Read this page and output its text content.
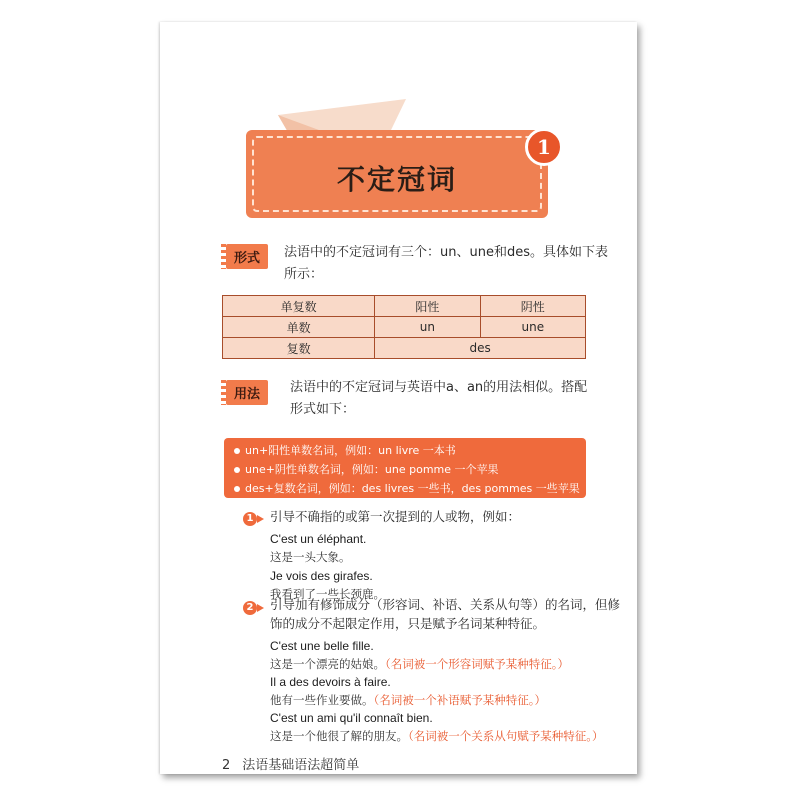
不定冠词
1
形式	法语中的不定冠词有三个：un、une和des。具体如下表
所示：
单复数	阳性	阴性
单数	un	une
复数	des	
用法	法语中的不定冠词与英语中a、an的用法相似。搭配
形式如下：
un+阳性单数名词，例如：un livre 一本书
une+阴性单数名词，例如：une pomme 一个苹果
des+复数名词，例如：des livres 一些书，des pommes 一些苹果
1 引导不确指的或第一次提到的人或物，例如：
C'est un éléphant.
这是一头大象。
Je vois des girafes.
我看到了一些长颈鹿。
2 引导加有修饰成分（形容词、补语、关系从句等）的名词，但修
饰的成分不起限定作用，只是赋予名词某种特征。
C'est une belle fille.
这是一个漂亮的姑娘。（名词被一个形容词赋予某种特征。）
Il a des devoirs à faire.
他有一些作业要做。（名词被一个补语赋予某种特征。）
C'est un ami qu'il connaît bien.
这是一个他很了解的朋友。（名词被一个关系从句赋予某种特征。）
2 法语基础语法超简单
